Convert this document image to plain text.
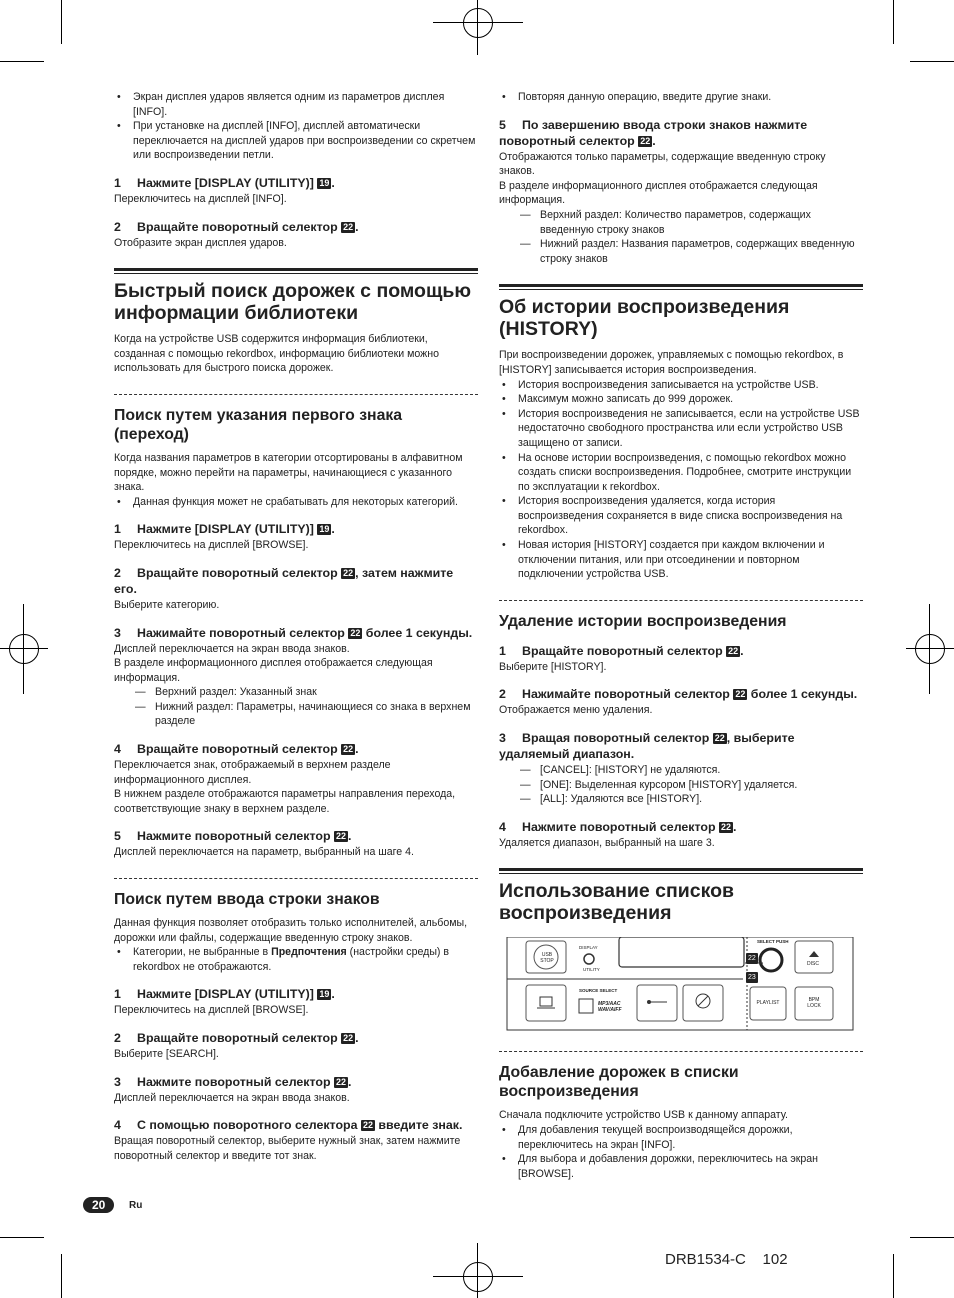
• Экран дисплея ударов является одним из параметров дисплея [INFO].

• При установке на дисплей [INFO], дисплей автоматически переключается на дисплей ударов при воспроизведении со скретчем или воспроизведении петли.

1 Нажмите [DISPLAY (UTILITY)] 19 .

Переключитесь на дисплей [INFO].

2 Вращайте поворотный селектор 22 .

Отобразите экран дисплея ударов.

Быстрый поиск дорожек с помощью информации библиотеки

Когда на устройстве USB содержится информация библиотеки, созданная с помощью rekordbox, информацию библиотеки можно использовать для быстрого поиска дорожек.

Поиск путем указания первого знака (переход)

Когда названия параметров в категории отсортированы в алфавитном порядке, можно перейти на параметры, начинающиеся с указанного знака.

• Данная функция может не срабатывать для некоторых категорий.

1 Нажмите [DISPLAY (UTILITY)] 19 .

Переключитесь на дисплей [BROWSE].

2 Вращайте поворотный селектор 22 , затем нажмите его.

Выберите категорию.

3 Нажимайте поворотный селектор 22 более 1 секунды.

Дисплей переключается на экран ввода знаков.

В разделе информационного дисплея отображается следующая информация.

— Верхний раздел: Указанный знак

— Нижний раздел: Параметры, начинающиеся со знака в верхнем разделе

4 Вращайте поворотный селектор 22 .

Переключается знак, отображаемый в верхнем разделе информационного дисплея.

В нижнем разделе отображаются параметры направления перехода, соответствующие знаку в верхнем разделе.

5 Нажмите поворотный селектор 22 .

Дисплей переключается на параметр, выбранный на шаге 4.

Поиск путем ввода строки знаков

Данная функция позволяет отобразить только исполнителей, альбомы, дорожки или файлы, содержащие введенную строку знаков.

• Категории, не выбранные в Предпочтения (настройки среды) в rekordbox не отображаются.

1 Нажмите [DISPLAY (UTILITY)] 19 .

Переключитесь на дисплей [BROWSE].

2 Вращайте поворотный селектор 22 .

Выберите [SEARCH].

3 Нажмите поворотный селектор 22 .

Дисплей переключается на экран ввода знаков.

4 С помощью поворотного селектора 22 введите знак.

Вращая поворотный селектор, выберите нужный знак, затем нажмите поворотный селектор и введите тот знак.

• Повторяя данную операцию, введите другие знаки.

5 По завершению ввода строки знаков нажмите поворотный селектор 22 .

Отображаются только параметры, содержащие введенную строку знаков.

В разделе информационного дисплея отображается следующая информация.

— Верхний раздел: Количество параметров, содержащих введенную строку знаков

— Нижний раздел: Названия параметров, содержащих введенную строку знаков

Об истории воспроизведения (HISTORY)

При воспроизведении дорожек, управляемых с помощью rekordbox, в [HISTORY] записывается история воспроизведения.

• История воспроизведения записывается на устройстве USB.

• Максимум можно записать до 999 дорожек.

• История воспроизведения не записывается, если на устройстве USB недостаточно свободного пространства или если устройство USB защищено от записи.

• На основе истории воспроизведения, с помощью rekordbox можно создать списки воспроизведения. Подробнее, смотрите инструкции по эксплуатации к rekordbox.

• История воспроизведения удаляется, когда история воспроизведения сохраняется в виде списка воспроизведения на rekordbox.

• Новая история [HISTORY] создается при каждом включении и отключении питания, или при отсоединении и повторном подключении устройства USB.

Удаление истории воспроизведения
1 Вращайте поворотный селектор 22 .

Выберите [HISTORY].

2 Нажимайте поворотный селектор 22 более 1 секунды.

Отображается меню удаления.

3 Вращая поворотный селектор 22 , выберите удаляемый диапазон.

— [CANCEL]: [HISTORY] не удаляются.

— [ONE]: Выделенная курсором [HISTORY] удаляется.

— [ALL]: Удаляются все [HISTORY].

4 Нажмите поворотный селектор 22 .

Удаляется диапазон, выбранный на шаге 3.

Использование списков воспроизведения
USB STOP
DISPLAY
UTILITY
SELECT PUSH
DISC
SOURCE SELECT
MP3/AAC WAV/AIFF
PLAYLIST	BPM LOCK
22
23
Добавление дорожек в списки воспроизведения

Сначала подключите устройство USB к данному аппарату.

• Для добавления текущей воспроизводящейся дорожки, переключитесь на экран [INFO].

• Для выбора и добавления дорожки, переключитесь на экран [BROWSE].

20	Ru
DRB1534-C 102
